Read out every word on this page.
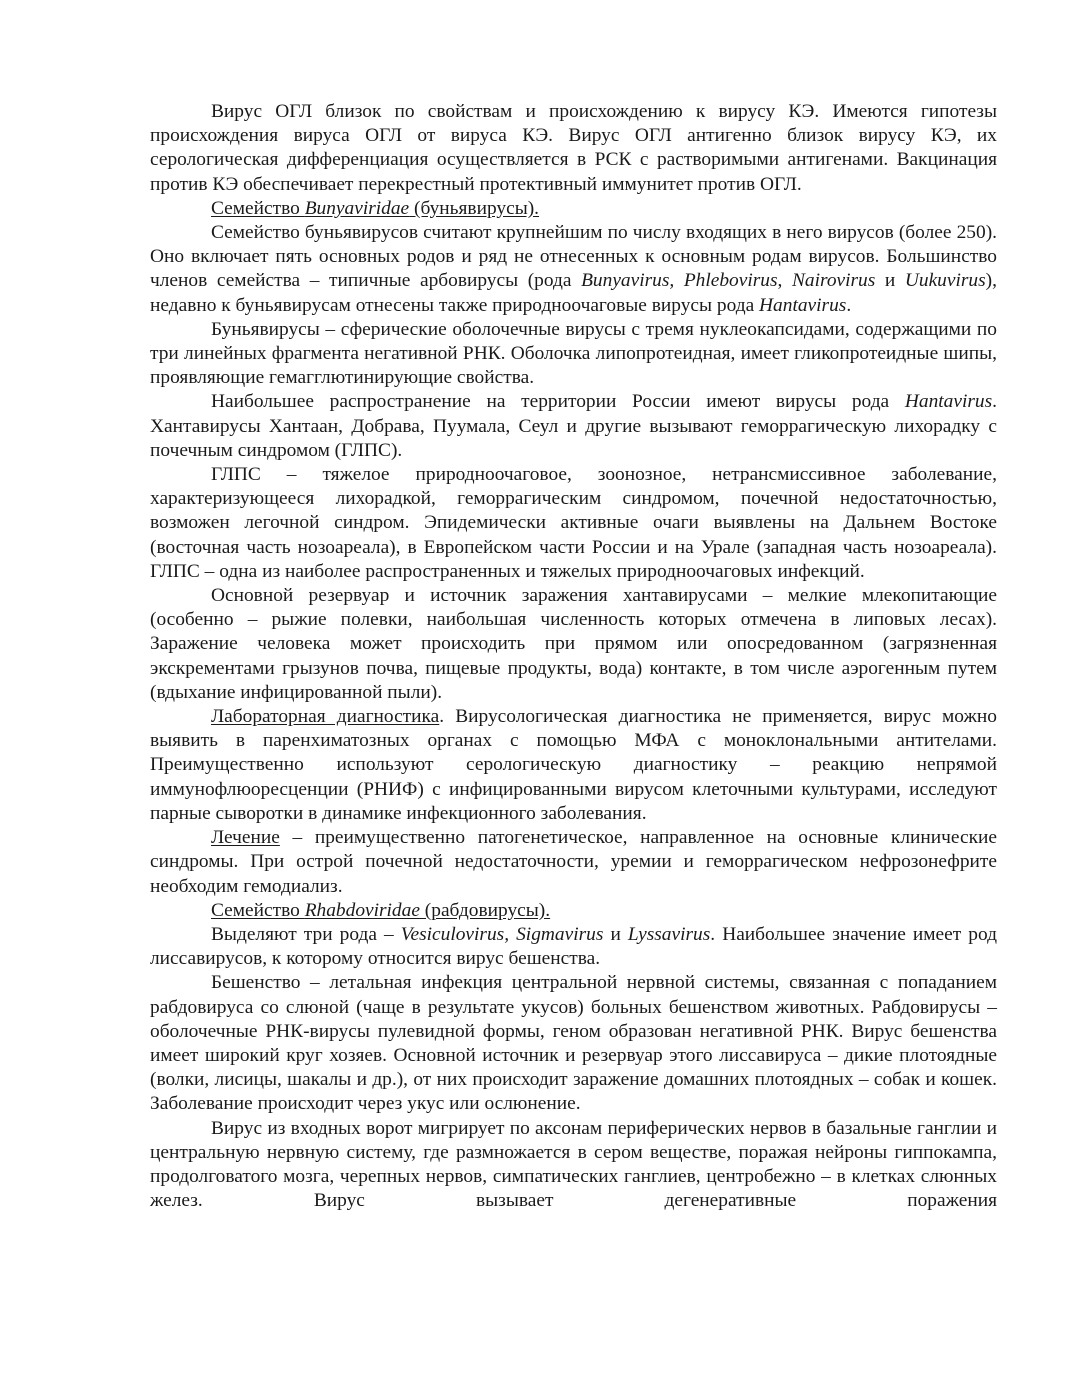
Вирус ОГЛ близок по свойствам и происхождению к вирусу КЭ. Имеются гипотезы происхождения вируса ОГЛ от вируса КЭ. Вирус ОГЛ антигенно близок вирусу КЭ, их серологическая дифференциация осуществляется в РСК с растворимыми антигенами. Вакцинация против КЭ обеспечивает перекрестный протективный иммунитет против ОГЛ.

Семейство Bunyaviridae (буньявирусы).

Семейство буньявирусов считают крупнейшим по числу входящих в него вирусов (более 250). Оно включает пять основных родов и ряд не отнесенных к основным родам вирусов. Большинство членов семейства – типичные арбовирусы (рода Bunyavirus, Phlebovirus, Nairovirus и Uukuvirus), недавно к буньявирусам отнесены также природноочаговые вирусы рода Hantavirus.

Буньявирусы – сферические оболочечные вирусы с тремя нуклеокапсидами, содержащими по три линейных фрагмента негативной РНК. Оболочка липопротеидная, имеет гликопротеидные шипы, проявляющие гемагглютинирующие свойства.

Наибольшее распространение на территории России имеют вирусы рода Hantavirus. Хантавирусы Хантаан, Добрава, Пуумала, Сеул и другие вызывают геморрагическую лихорадку с почечным синдромом (ГЛПС).

ГЛПС – тяжелое природноочаговое, зоонозное, нетрансмиссивное заболевание, характеризующееся лихорадкой, геморрагическим синдромом, почечной недостаточностью, возможен легочной синдром. Эпидемически активные очаги выявлены на Дальнем Востоке (восточная часть нозоареала), в Европейском части России и на Урале (западная часть нозоареала). ГЛПС – одна из наиболее распространенных и тяжелых природноочаговых инфекций.

Основной резервуар и источник заражения хантавирусами – мелкие млекопитающие (особенно – рыжие полевки, наибольшая численность которых отмечена в липовых лесах). Заражение человека может происходить при прямом или опосредованном (загрязненная экскрементами грызунов почва, пищевые продукты, вода) контакте, в том числе аэрогенным путем (вдыхание инфицированной пыли).

Лабораторная диагностика. Вирусологическая диагностика не применяется, вирус можно выявить в паренхиматозных органах с помощью МФА с моноклональными антителами. Преимущественно используют серологическую диагностику – реакцию непрямой иммунофлюоресценции (РНИФ) с инфицированными вирусом клеточными культурами, исследуют парные сыворотки в динамике инфекционного заболевания.

Лечение – преимущественно патогенетическое, направленное на основные клинические синдромы. При острой почечной недостаточности, уремии и геморрагическом нефрозонефрите необходим гемодиализ.

Семейство Rhabdoviridae (рабдовирусы).

Выделяют три рода – Vesiculovirus, Sigmavirus и Lyssavirus. Наибольшее значение имеет род лиссавирусов, к которому относится вирус бешенства.

Бешенство – летальная инфекция центральной нервной системы, связанная с попаданием рабдовируса со слюной (чаще в результате укусов) больных бешенством животных. Рабдовирусы – оболочечные РНК-вирусы пулевидной формы, геном образован негативной РНК. Вирус бешенства имеет широкий круг хозяев. Основной источник и резервуар этого лиссавируса – дикие плотоядные (волки, лисицы, шакалы и др.), от них происходит заражение домашних плотоядных – собак и кошек. Заболевание происходит через укус или ослюнение.

Вирус из входных ворот мигрирует по аксонам периферических нервов в базальные ганглии и центральную нервную систему, где размножается в сером веществе, поражая нейроны гиппокампа, продолговатого мозга, черепных нервов, симпатических ганглиев, центробежно – в клетках слюнных желез. Вирус вызывает дегенеративные поражения
